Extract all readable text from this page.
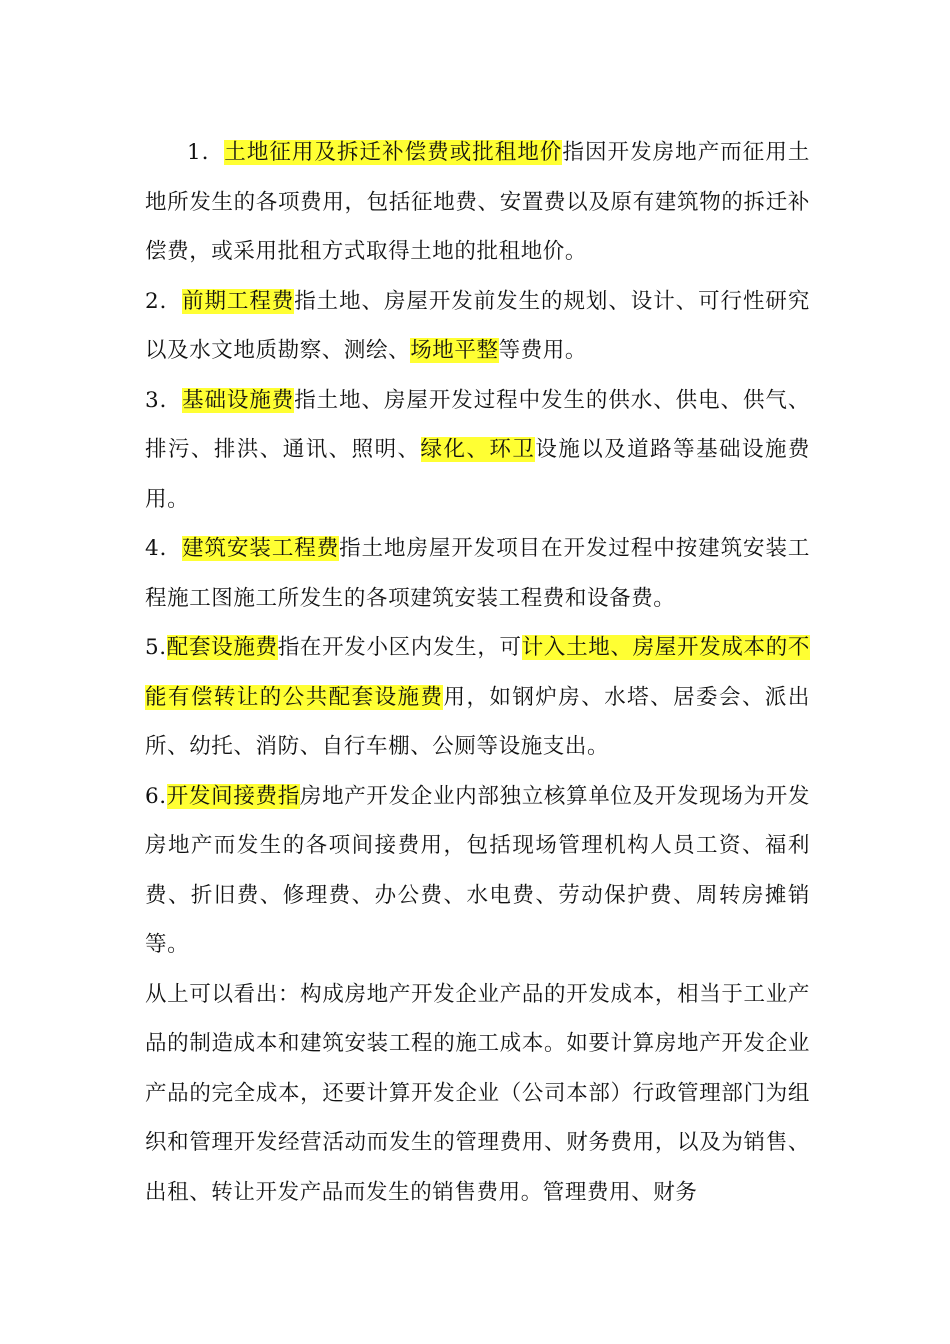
1．土地征用及拆迁补偿费或批租地价指因开发房地产而征用土地所发生的各项费用，包括征地费、安置费以及原有建筑物的拆迁补偿费，或采用批租方式取得土地的批租地价。

2．前期工程费指土地、房屋开发前发生的规划、设计、可行性研究以及水文地质勘察、测绘、场地平整等费用。

3．基础设施费指土地、房屋开发过程中发生的供水、供电、供气、排污、排洪、通讯、照明、绿化、环卫设施以及道路等基础设施费用。

4．建筑安装工程费指土地房屋开发项目在开发过程中按建筑安装工程施工图施工所发生的各项建筑安装工程费和设备费。

5.配套设施费指在开发小区内发生，可计入土地、房屋开发成本的不能有偿转让的公共配套设施费用，如钢炉房、水塔、居委会、派出所、幼托、消防、自行车棚、公厕等设施支出。

6.开发间接费指房地产开发企业内部独立核算单位及开发现场为开发房地产而发生的各项间接费用，包括现场管理机构人员工资、福利费、折旧费、修理费、办公费、水电费、劳动保护费、周转房摊销等。

从上可以看出：构成房地产开发企业产品的开发成本，相当于工业产品的制造成本和建筑安装工程的施工成本。如要计算房地产开发企业产品的完全成本，还要计算开发企业（公司本部）行政管理部门为组织和管理开发经营活动而发生的管理费用、财务费用，以及为销售、出租、转让开发产品而发生的销售费用。管理费用、财务
